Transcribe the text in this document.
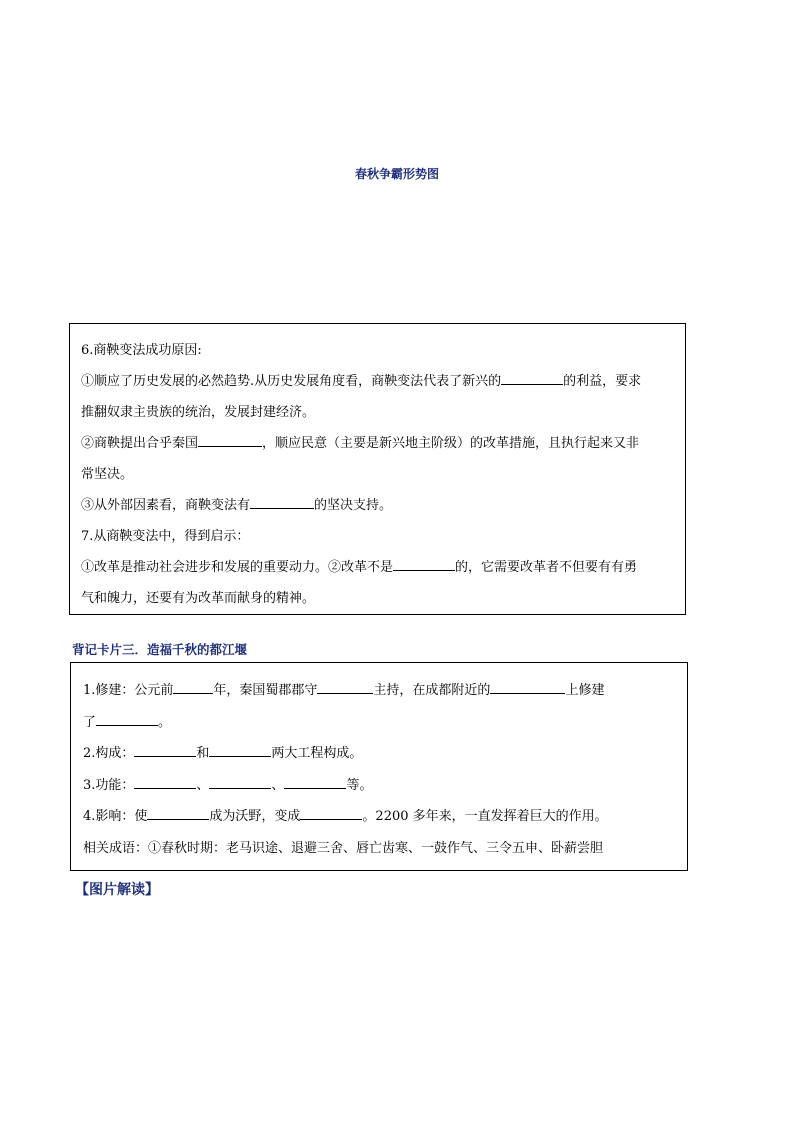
春秋争霸形势图
6.商鞅变法成功原因:
①顺应了历史发展的必然趋势.从历史发展角度看，商鞅变法代表了新兴的	的利益，要求
推翻奴隶主贵族的统治，发展封建经济。
②商鞅提出合乎秦国	，顺应民意（主要是新兴地主阶级）的改革措施，且执行起来又非
常坚决。
③从外部因素看，商鞅变法有	的坚决支持。
7.从商鞅变法中，得到启示：
①改革是推动社会进步和发展的重要动力。②改革不是	的，它需要改革者不但要有有勇
气和魄力，还要有为改革而献身的精神。
背记卡片三．造福千秋的都江堰
1.修建：公元前	年，秦国蜀郡郡守	主持，在成都附近的	上修建
了	。
2.构成：	和	两大工程构成。
3.功能：	、	、	等。
4.影响：使	成为沃野，变成	。2200 多年来，一直发挥着巨大的作用。
相关成语：①春秋时期：老马识途、退避三舍、唇亡齿寒、一鼓作气、三令五申、卧薪尝胆
【图片解读】
